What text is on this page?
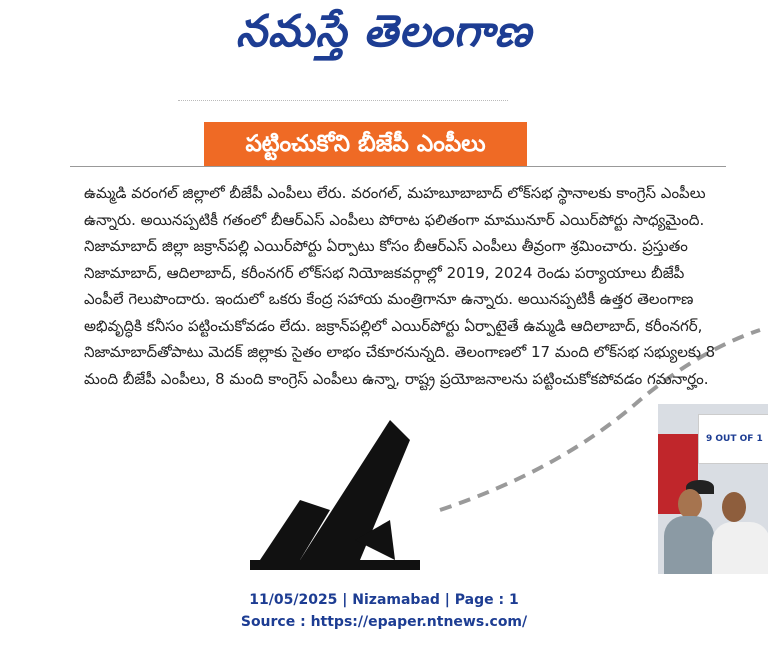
నమస్తే తెలంగాణ
పట్టించుకోని బీజేపీ ఎంపీలు

ఉమ్మడి వరంగల్ జిల్లాలో బీజేపీ ఎంపీలు లేరు. వరంగల్, మహబూబాబాద్ లోక్‌సభ స్థానాలకు కాంగ్రెస్ ఎంపీలు ఉన్నారు. అయినప్పటికీ గతంలో బీఆర్ఎస్ ఎంపీలు పోరాట ఫలితంగా మామునూర్ ఎయిర్‌పోర్టు సాధ్యమైంది. నిజామాబాద్ జిల్లా జక్రాన్‌పల్లి ఎయిర్‌పోర్టు ఏర్పాటు కోసం బీఆర్ఎస్ ఎంపీలు తీవ్రంగా శ్రమించారు. ప్రస్తుతం నిజామాబాద్, ఆదిలాబాద్, కరీంనగర్ లోక్‌సభ నియోజకవర్గాల్లో 2019, 2024 రెండు పర్యాయాలు బీజేపీ ఎంపీలే గెలుపొందారు. ఇందులో ఒకరు కేంద్ర సహాయ మంత్రిగానూ ఉన్నారు. అయినప్పటికీ ఉత్తర తెలంగాణ అభివృద్ధికి కనీసం పట్టించుకోవడం లేదు. జక్రాన్‌పల్లిలో ఎయిర్‌పోర్టు ఏర్పాటైతే ఉమ్మడి ఆదిలాబాద్, కరీంనగర్, నిజామాబాద్‌తోపాటు మెదక్ జిల్లాకు సైతం లాభం చేకూరనున్నది. తెలంగాణలో 17 మంది లోక్‌సభ సభ్యులకు 8 మంది బీజేపీ ఎంపీలు, 8 మంది కాంగ్రెస్ ఎంపీలు ఉన్నా, రాష్ట్ర ప్రయోజనాలను పట్టించుకోకపోవడం గమనార్హం.

9 OUT OF 1
11/05/2025 | Nizamabad | Page : 1
Source : https://epaper.ntnews.com/
